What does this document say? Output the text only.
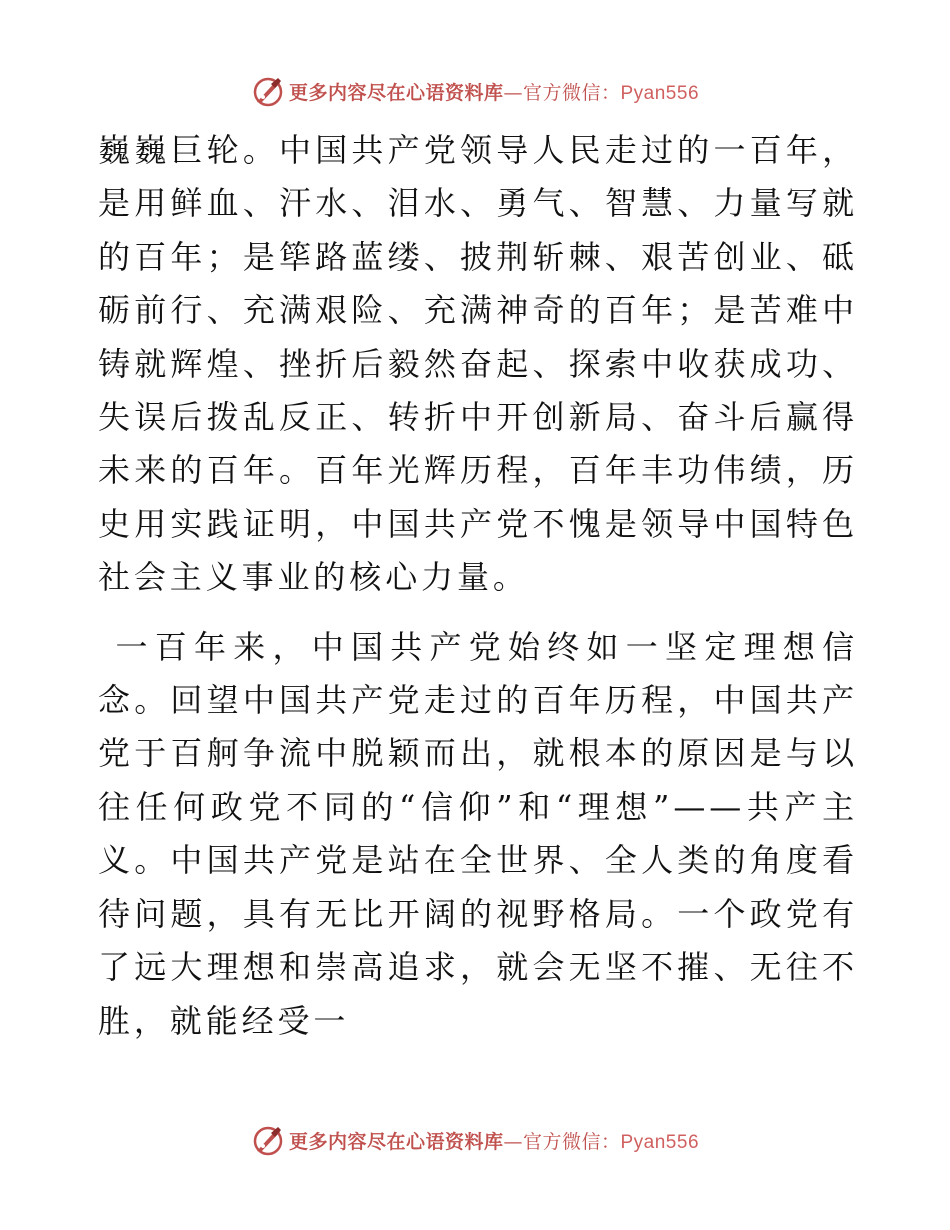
更多内容尽在心语资料库—官方微信：Pyan556

巍巍巨轮。中国共产党领导人民走过的一百年，是用鲜血、汗水、泪水、勇气、智慧、力量写就的百年；是筚路蓝缕、披荆斩棘、艰苦创业、砥砺前行、充满艰险、充满神奇的百年；是苦难中铸就辉煌、挫折后毅然奋起、探索中收获成功、失误后拨乱反正、转折中开创新局、奋斗后赢得未来的百年。百年光辉历程，百年丰功伟绩，历史用实践证明，中国共产党不愧是领导中国特色社会主义事业的核心力量。

一百年来，中国共产党始终如一坚定理想信念。回望中国共产党走过的百年历程，中国共产党于百舸争流中脱颖而出，就根本的原因是与以往任何政党不同的“信仰”和“理想”——共产主义。中国共产党是站在全世界、全人类的角度看待问题，具有无比开阔的视野格局。一个政党有了远大理想和崇高追求，就会无坚不摧、无往不胜，就能经受一

更多内容尽在心语资料库—官方微信：Pyan556
